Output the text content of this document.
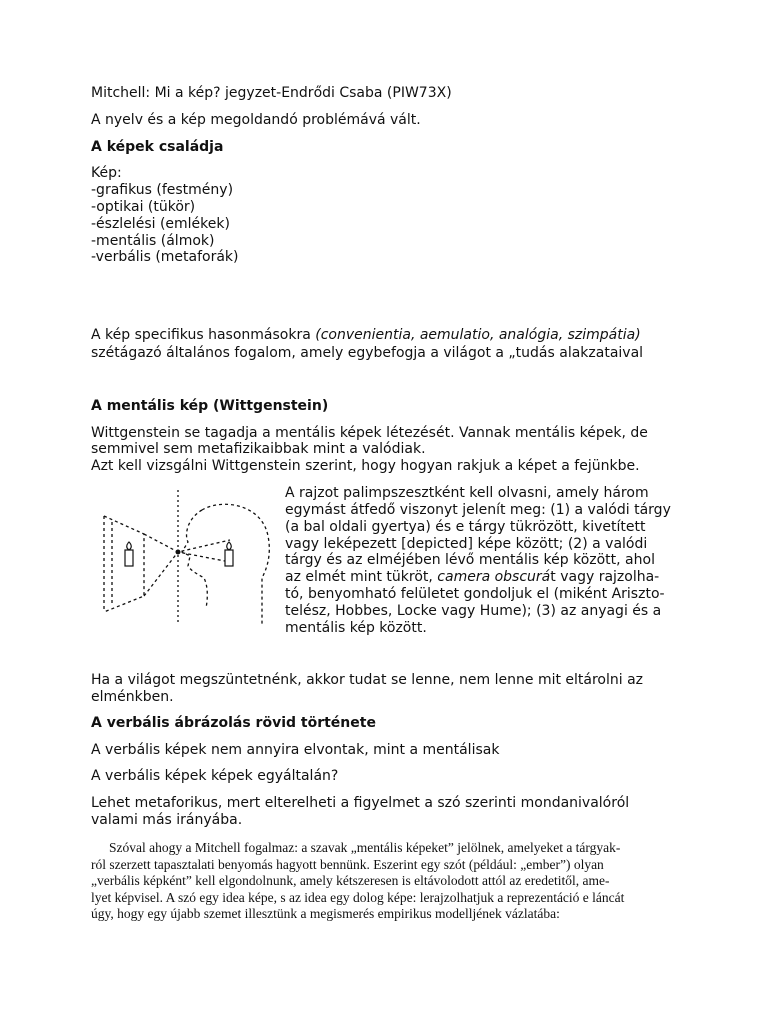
Mitchell: Mi a kép? jegyzet-Endrődi Csaba (PIW73X)
A nyelv és a kép megoldandó problémává vált.
A képek családja
Kép:
-grafikus (festmény)
-optikai (tükör)
-észlelési (emlékek)
-mentális (álmok)
-verbális (metaforák)
A kép specifikus hasonmásokra (convenientia, aemulatio, analógia, szimpátia)
szétágazó általános fogalom, amely egybefogja a világot a „tudás alakzataival
A mentális kép (Wittgenstein)
Wittgenstein se tagadja a mentális képek létezését. Vannak mentális képek, de
semmivel sem metafizikaibbak mint a valódiak.
Azt kell vizsgálni Wittgenstein szerint, hogy hogyan rakjuk a képet a fejünkbe.
A rajzot palimpszesztként kell olvasni, amely három
egymást átfedő viszonyt jelenít meg: (1) a valódi tárgy
(a bal oldali gyertya) és e tárgy tükrözött, kivetített
vagy leképezett [depicted] képe között; (2) a valódi
tárgy és az elméjében lévő mentális kép között, ahol
az elmét mint tükröt, camera obscurát vagy rajzolha-
tó, benyomható felületet gondoljuk el (miként Arisztо-
telész, Hobbes, Locke vagy Hume); (3) az anyagi és a
mentális kép között.
Ha a világot megszüntetnénk, akkor tudat se lenne, nem lenne mit eltárolni az
elménkben.
A verbális ábrázolás rövid története
A verbális képek nem annyira elvontak, mint a mentálisak
A verbális képek képek egyáltalán?
Lehet metaforikus, mert elterelheti a figyelmet a szó szerinti mondanivalóról
valami más irányába.
Szóval ahogy a Mitchell fogalmaz: a szavak „mentális képeket” jelölnek, amelyeket a tárgyak-
ról szerzett tapasztalati benyomás hagyott bennünk. Eszerint egy szót (például: „ember”) olyan
„verbális képként” kell elgondolnunk, amely kétszeresen is eltávolodott attól az eredetitől, ame-
lyet képvisel. A szó egy idea képe, s az idea egy dolog képe: lerajzolhatjuk a reprezentáció e láncát
úgy, hogy egy újabb szemet illesztünk a megismerés empirikus modelljének vázlatába:
